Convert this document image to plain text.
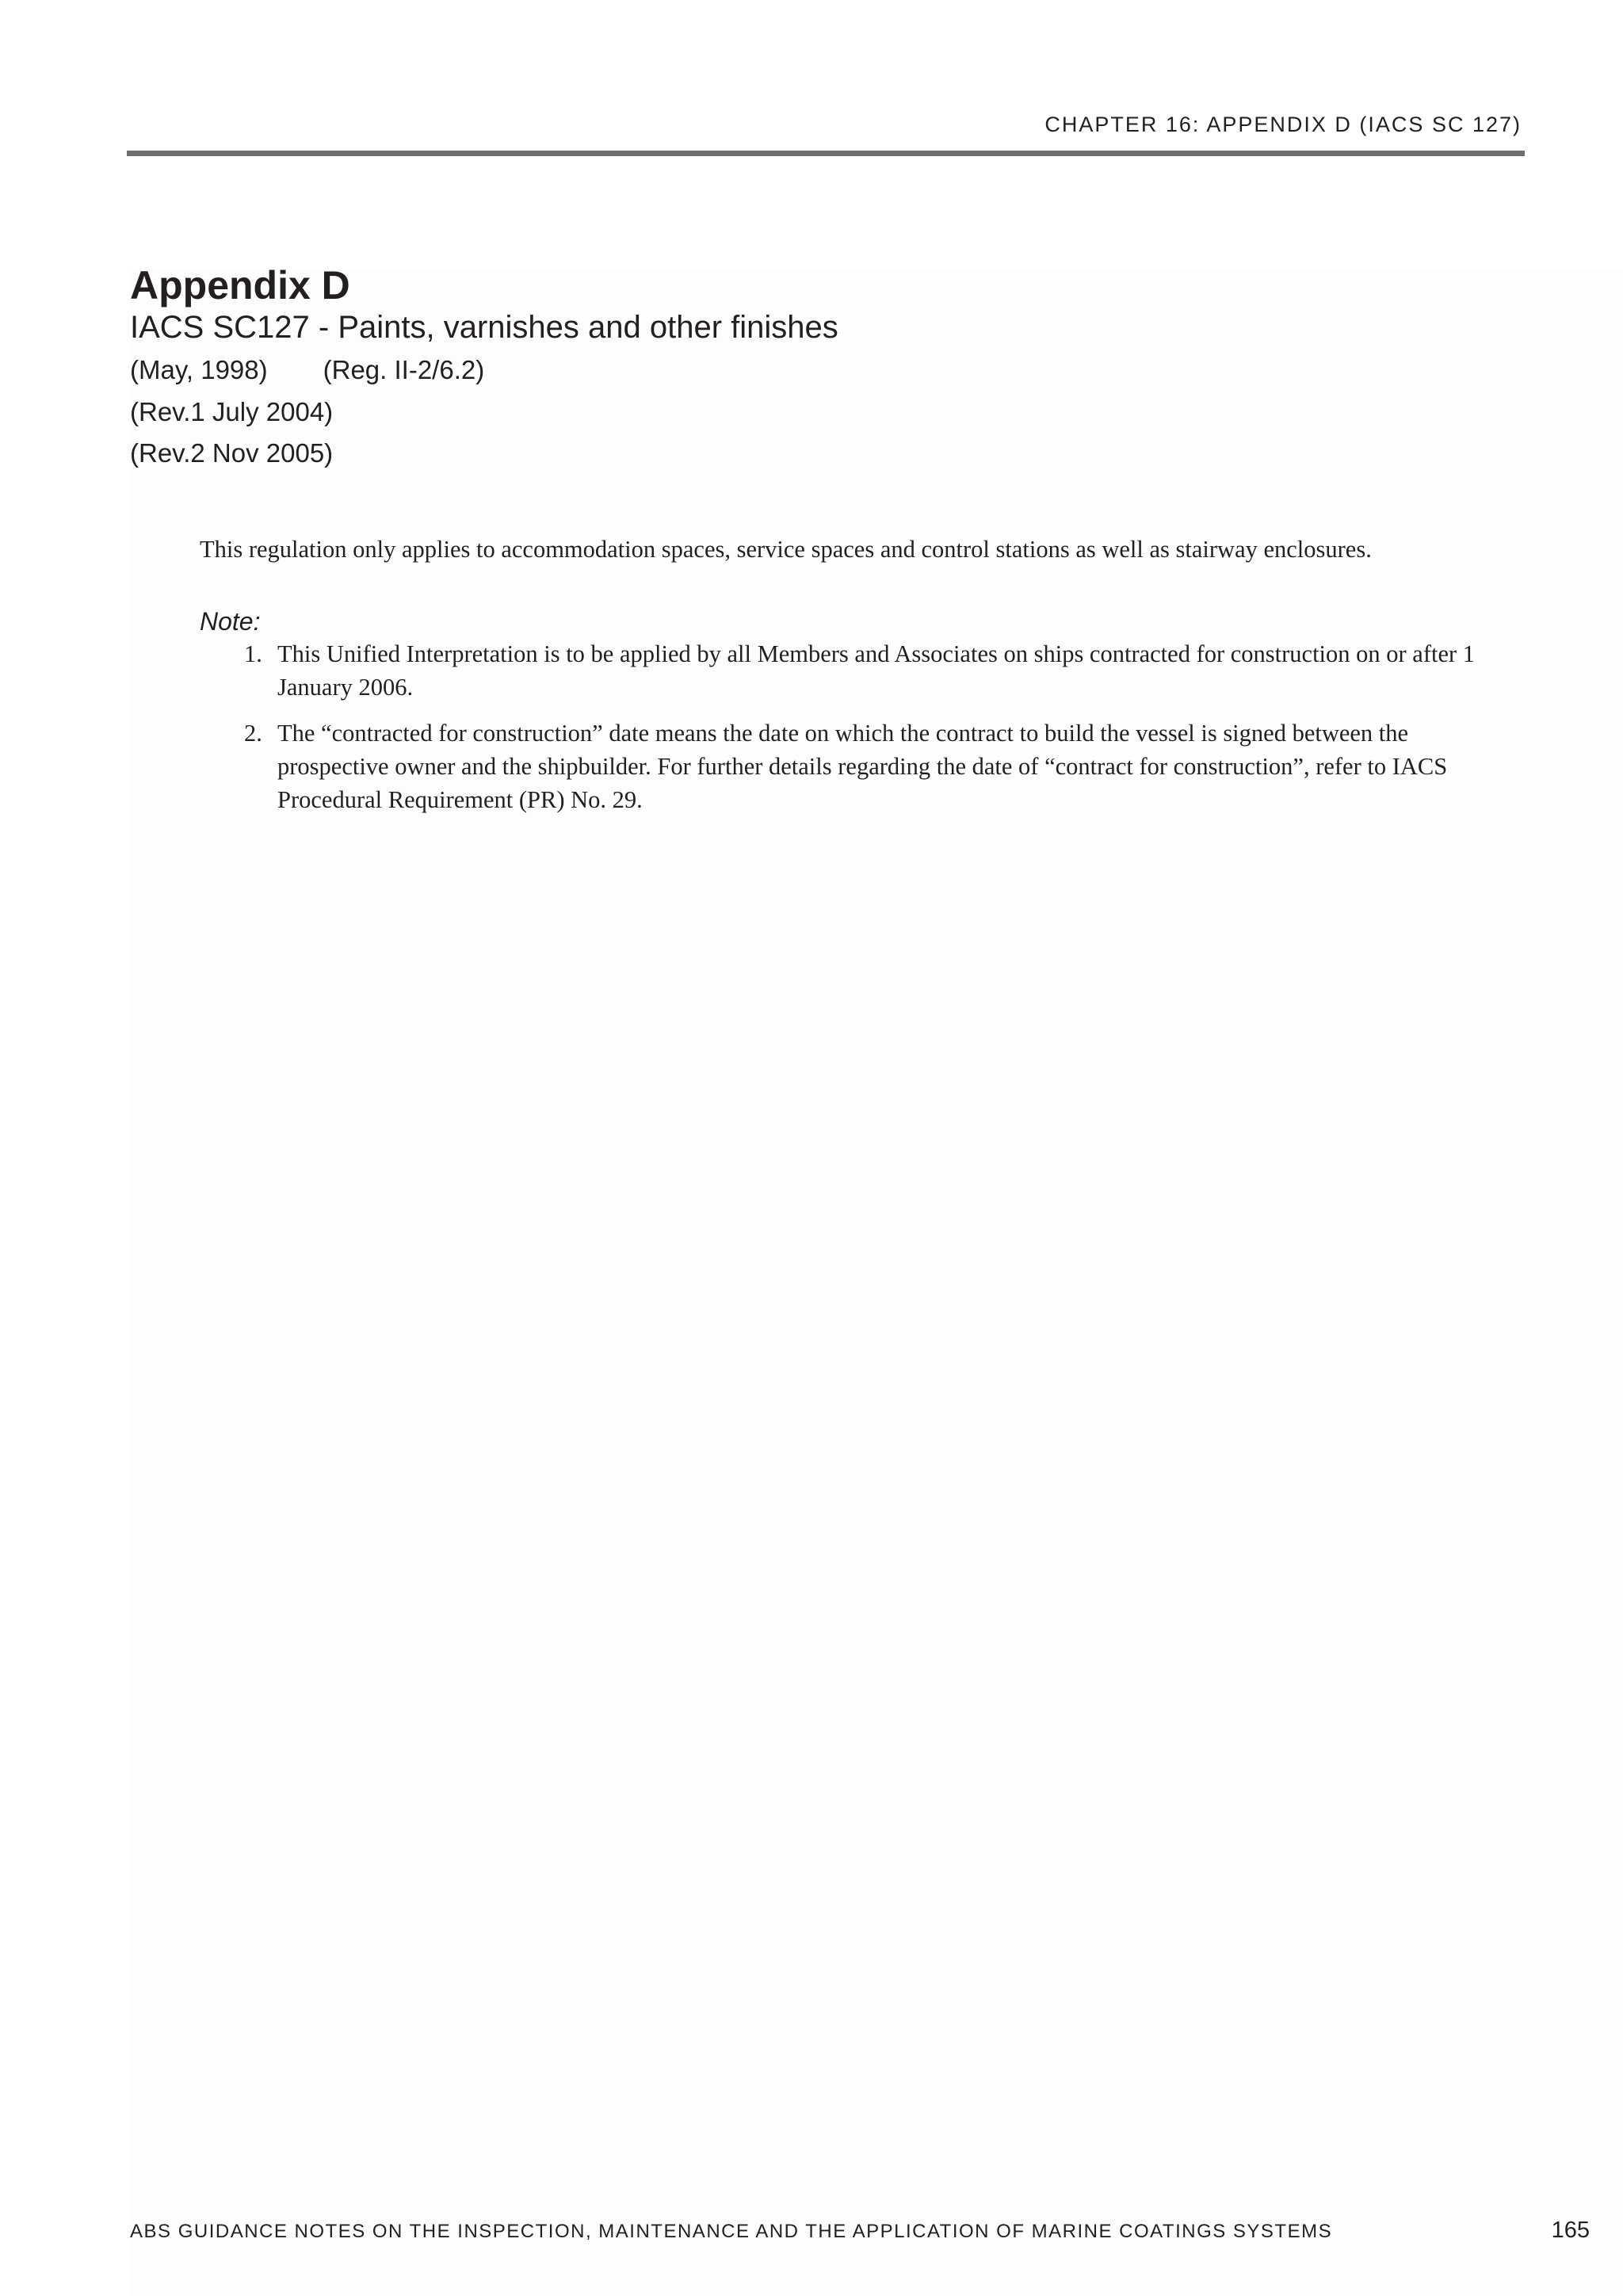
CHAPTER 16: APPENDIX D (IACS SC 127)
Appendix D
IACS SC127 - Paints, varnishes and other finishes
(May, 1998) (Reg. II-2/6.2)
(Rev.1 July 2004)
(Rev.2 Nov 2005)
This regulation only applies to accommodation spaces, service spaces and control stations as well as stairway enclosures.
Note:
1. This Unified Interpretation is to be applied by all Members and Associates on ships contracted for construction on or after 1 January 2006.
2. The “contracted for construction” date means the date on which the contract to build the vessel is signed between the prospective owner and the shipbuilder. For further details regarding the date of “contract for construction”, refer to IACS Procedural Requirement (PR) No. 29.
ABS GUIDANCE NOTES ON THE INSPECTION, MAINTENANCE AND THE APPLICATION OF MARINE COATINGS SYSTEMS	165
